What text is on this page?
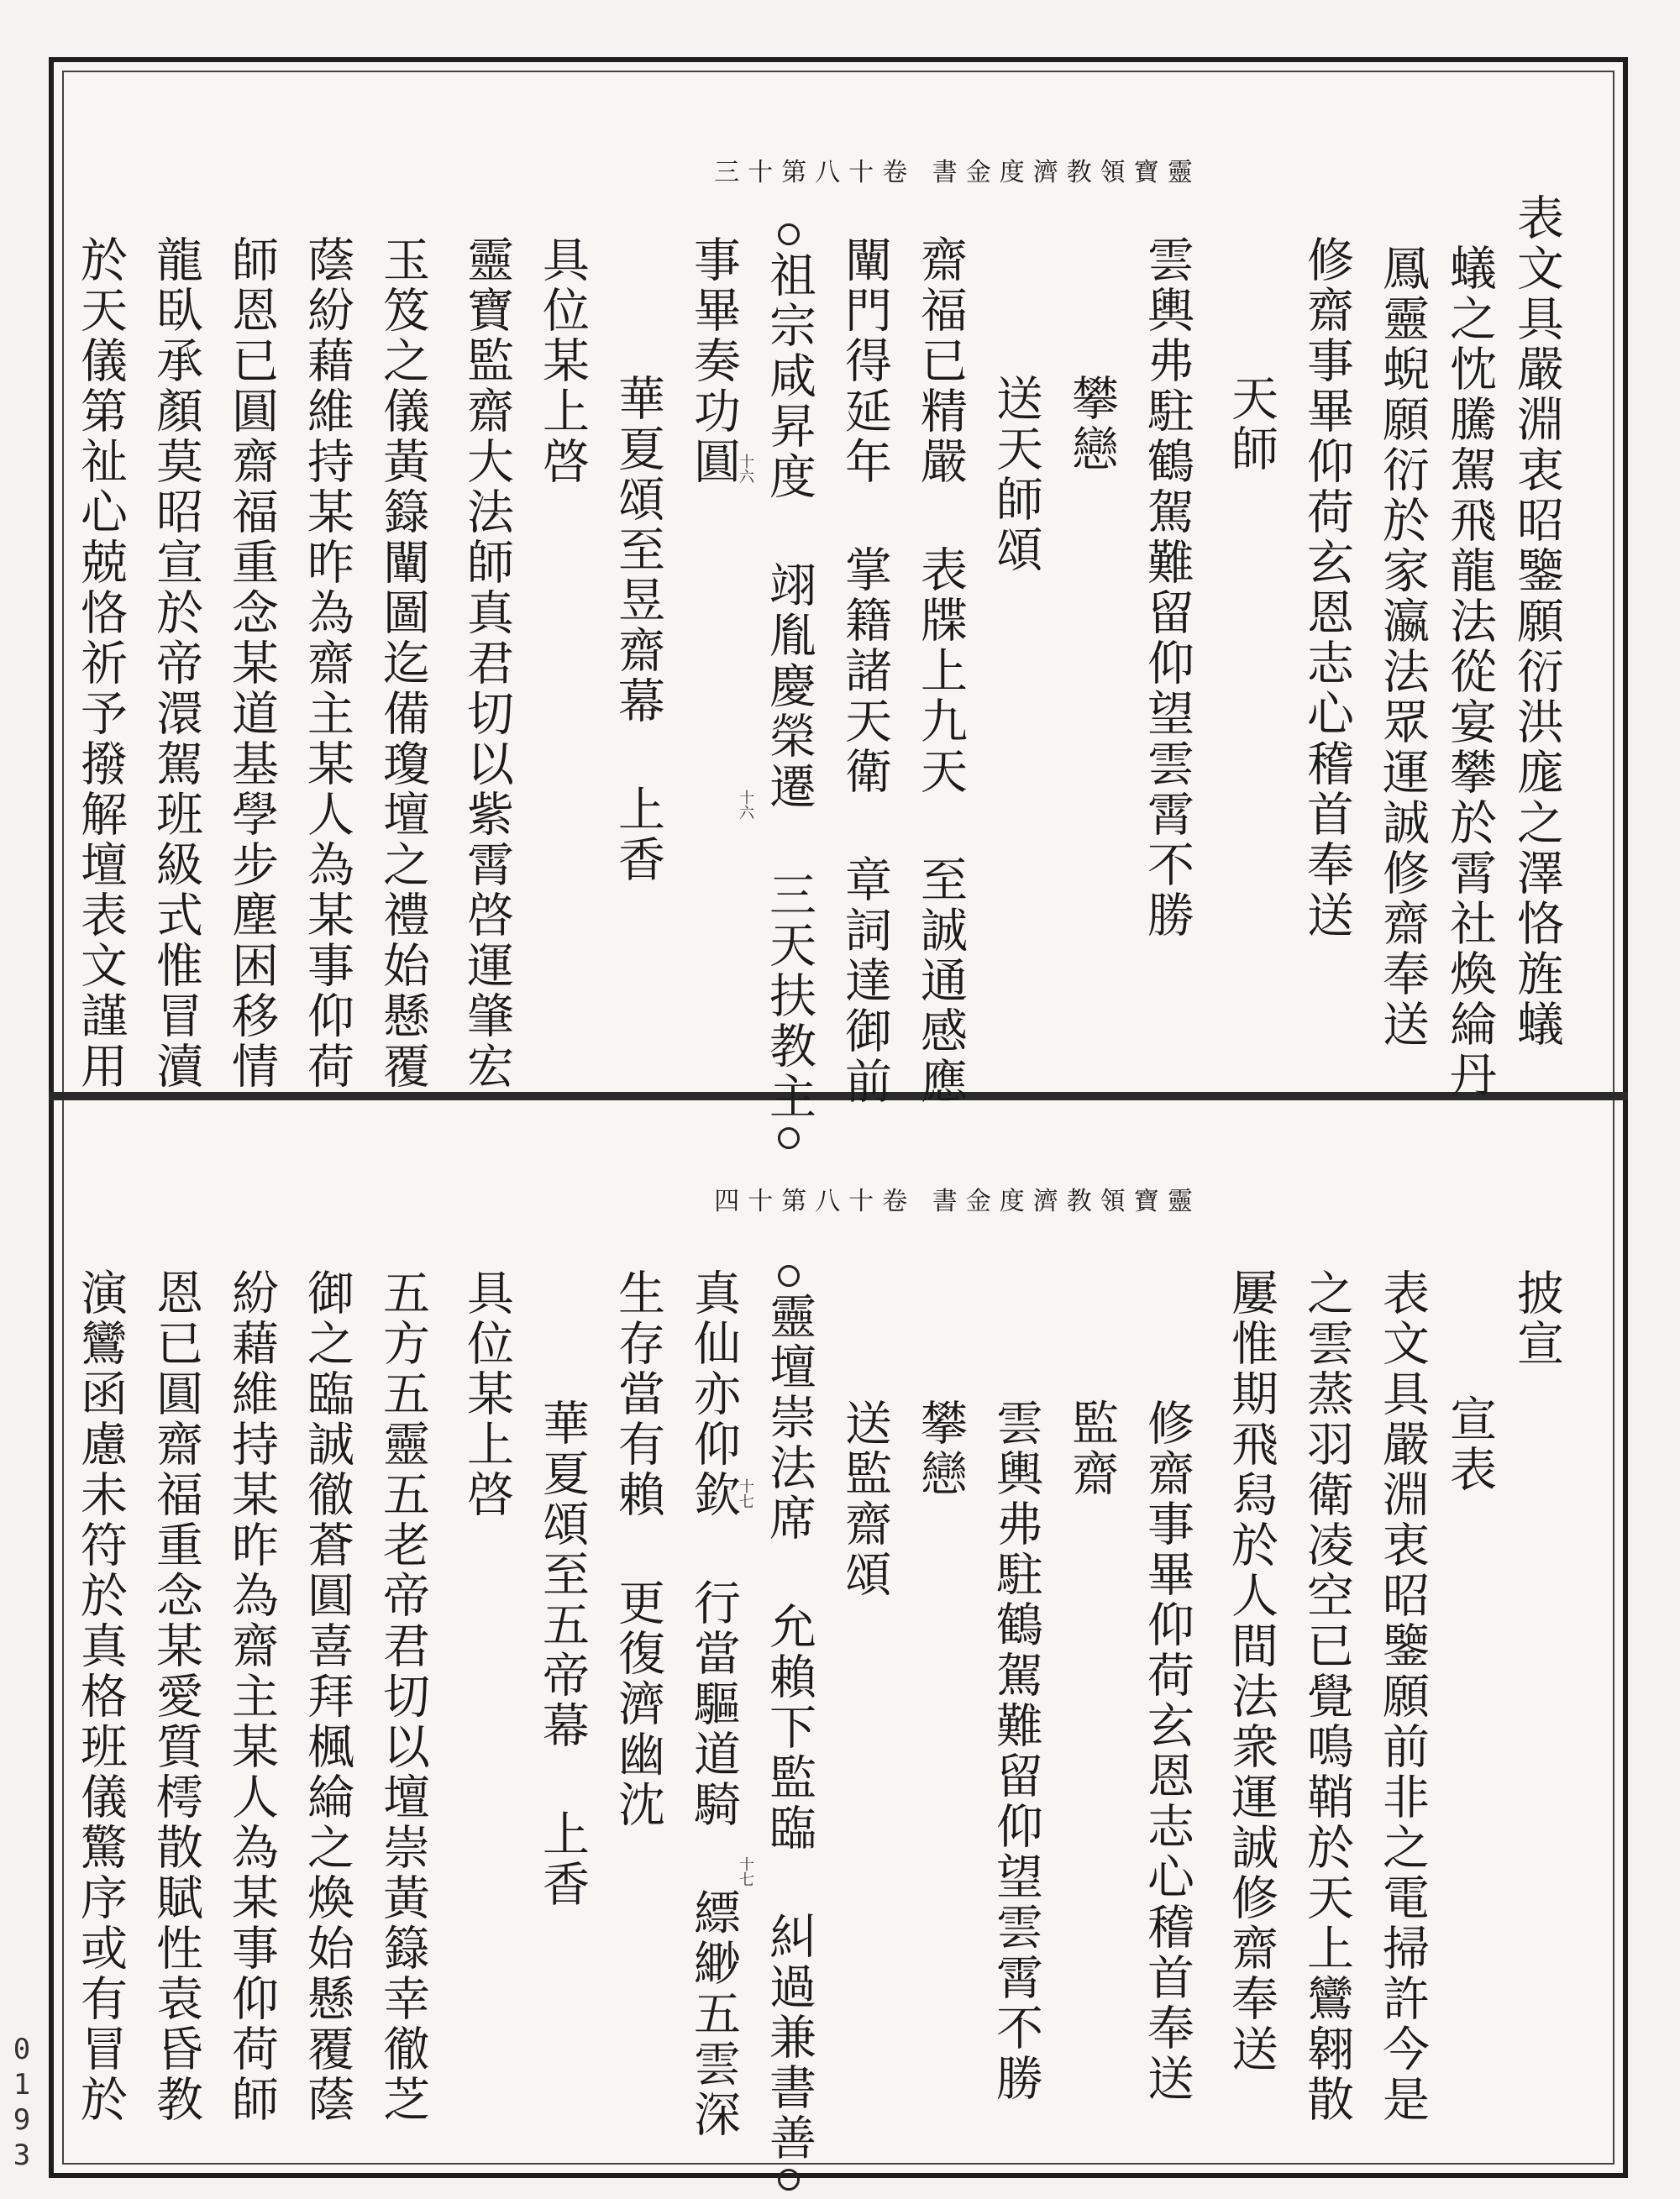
靈寶領教濟度金書 卷十八第十三
表文具嚴淵衷昭鑒願衍洪庬之澤恪旌蟻
蟻之忱騰駕飛龍法從宴攀於霄社煥綸丹
鳳靈蜺願衍於家瀛法眾運誠修齋奉送
修齋事畢仰荷玄恩志心稽首奉送
天師
雲輿弗駐鶴駕難留仰望雲霄不勝
攀戀
送天師頌
齋福已精嚴 表牒上九天 至誠通感應
闡門得延年 掌籍諸天衛 章詞達御前
祖宗咸昇度 翊胤慶榮遷 三天扶教主
事畢奏功圓
華夏頌至昱齋幕 上香
具位某上啓
靈寶監齋大法師真君切以紫霄啓運肇宏
玉笈之儀黃籙闡圖迄備瓊壇之禮始懸覆
蔭紛藉維持某昨為齋主某人為某事仰荷
師恩已圓齋福重念某道基學步塵困移情
龍臥承顏莫昭宣於帝澴駕班級式惟冒瀆
於天儀第祉心兢恪祈予撥解壇表文謹用	十六
十六
靈寶領教濟度金書 卷十八第十四
披宣
宣表
表文具嚴淵衷昭鑒願前非之電掃許今是
之雲蒸羽衛凌空已覺鳴鞘於天上鸞翱散
屢惟期飛舄於人間法衆運誠修齋奉送
修齋事畢仰荷玄恩志心稽首奉送
監齋
雲輿弗駐鶴駕難留仰望雲霄不勝
攀戀
送監齋頌
靈壇崇法席 允賴下監臨 糾過兼書善
真仙亦仰欽 行當驅道騎 縹緲五雲深
生存當有賴 更復濟幽沈
華夏頌至五帝幕 上香
具位某上啓
五方五靈五老帝君切以壇崇黃籙幸徹芝
御之臨誠徹蒼圓喜拜楓綸之煥始懸覆蔭
紛藉維持某昨為齋主某人為某事仰荷師
恩已圓齋福重念某愛質樗散賦性袁昏教
演鸞函慮未符於真格班儀驚序或有冒於	十七
十七
0193
